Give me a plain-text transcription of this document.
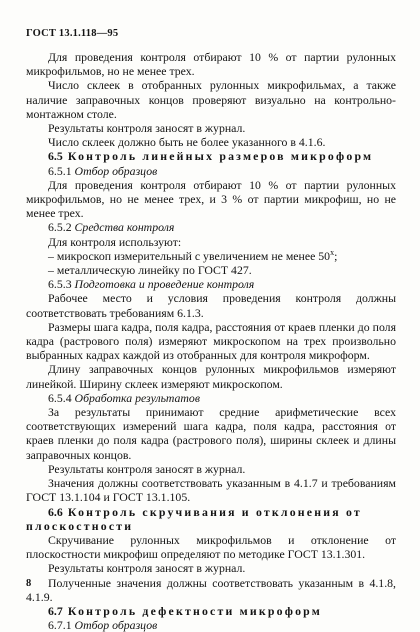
ГОСТ 13.1.118—95
Для проведения контроля отбирают 10 % от партии рулонных микрофильмов, но не менее трех.
Число склеек в отобранных рулонных микрофильмах, а также наличие заправочных концов проверяют визуально на контрольно-монтажном столе.
Результаты контроля заносят в журнал.
Число склеек должно быть не более указанного в 4.1.6.
6.5 Контроль линейных размеров микроформ
6.5.1 Отбор образцов
Для проведения контроля отбирают 10 % от партии рулонных микрофильмов, но не менее трех, и 3 % от партии микрофиш, но не менее трех.
6.5.2 Средства контроля
Для контроля используют:
– микроскоп измерительный с увеличением не менее $50^х$;
– металлическую линейку по ГОСТ 427.
6.5.3 Подготовка и проведение контроля
Рабочее место и условия проведения контроля должны соответствовать требованиям 6.1.3.
Размеры шага кадра, поля кадра, расстояния от краев пленки до поля кадра (растрового поля) измеряют микроскопом на трех произвольно выбранных кадрах каждой из отобранных для контроля микроформ.
Длину заправочных концов рулонных микрофильмов измеряют линейкой. Ширину склеек измеряют микроскопом.
6.5.4 Обработка результатов
За результаты принимают средние арифметические всех соответствующих измерений шага кадра, поля кадра, расстояния от краев пленки до поля кадра (растрового поля), ширины склеек и длины заправочных концов.
Результаты контроля заносят в журнал.
Значения должны соответствовать указанным в 4.1.7 и требованиям ГОСТ 13.1.104 и ГОСТ 13.1.105.
6.6 Контроль скручивания и отклонения от плоскостности
Скручивание рулонных микрофильмов и отклонение от плоскостности микрофиш определяют по методике ГОСТ 13.1.301.
Результаты контроля заносят в журнал.
Полученные значения должны соответствовать указанным в 4.1.8, 4.1.9.
6.7 Контроль дефектности микроформ
6.7.1 Отбор образцов
8
